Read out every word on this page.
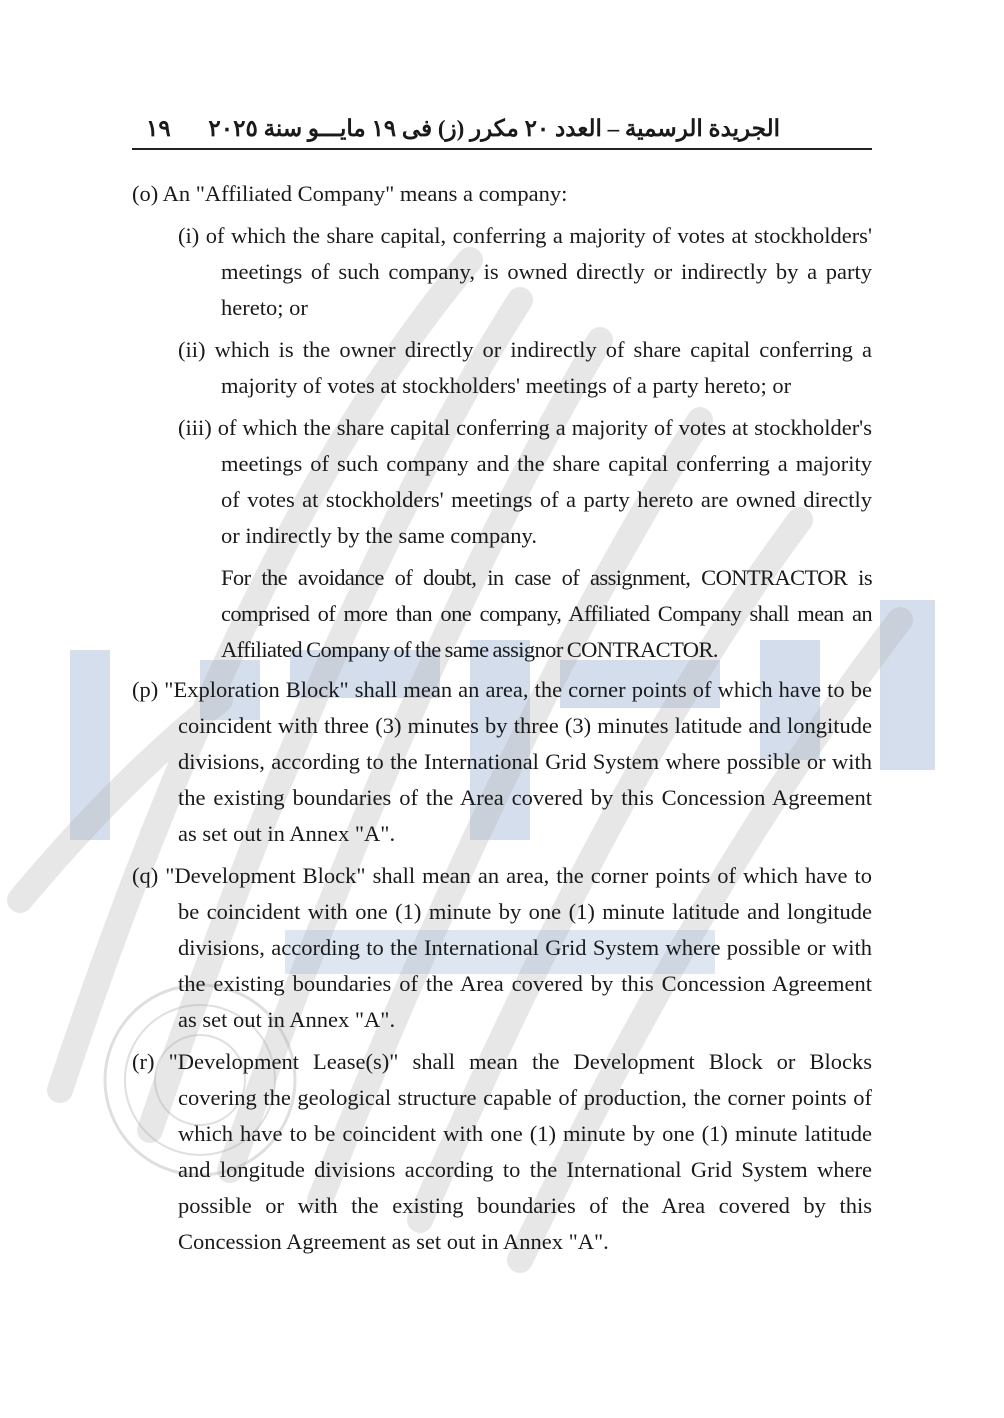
١٩ الجريدة الرسمية – العدد ٢٠ مكرر (ز) فى ١٩ مايـــو سنة ٢٠٢٥

(o) An "Affiliated Company" means a company:

(i) of which the share capital, conferring a majority of votes at stockholders' meetings of such company, is owned directly or indirectly by a party hereto; or

(ii) which is the owner directly or indirectly of share capital conferring a majority of votes at stockholders' meetings of a party hereto; or

(iii) of which the share capital conferring a majority of votes at stockholder's meetings of such company and the share capital conferring a majority of votes at stockholders' meetings of a party hereto are owned directly or indirectly by the same company.

For the avoidance of doubt, in case of assignment, CONTRACTOR is comprised of more than one company, Affiliated Company shall mean an Affiliated Company of the same assignor CONTRACTOR.

(p) "Exploration Block" shall mean an area, the corner points of which have to be coincident with three (3) minutes by three (3) minutes latitude and longitude divisions, according to the International Grid System where possible or with the existing boundaries of the Area covered by this Concession Agreement as set out in Annex "A".

(q) "Development Block" shall mean an area, the corner points of which have to be coincident with one (1) minute by one (1) minute latitude and longitude divisions, according to the International Grid System where possible or with the existing boundaries of the Area covered by this Concession Agreement as set out in Annex "A".

(r) "Development Lease(s)" shall mean the Development Block or Blocks covering the geological structure capable of production, the corner points of which have to be coincident with one (1) minute by one (1) minute latitude and longitude divisions according to the International Grid System where possible or with the existing boundaries of the Area covered by this Concession Agreement as set out in Annex "A".
